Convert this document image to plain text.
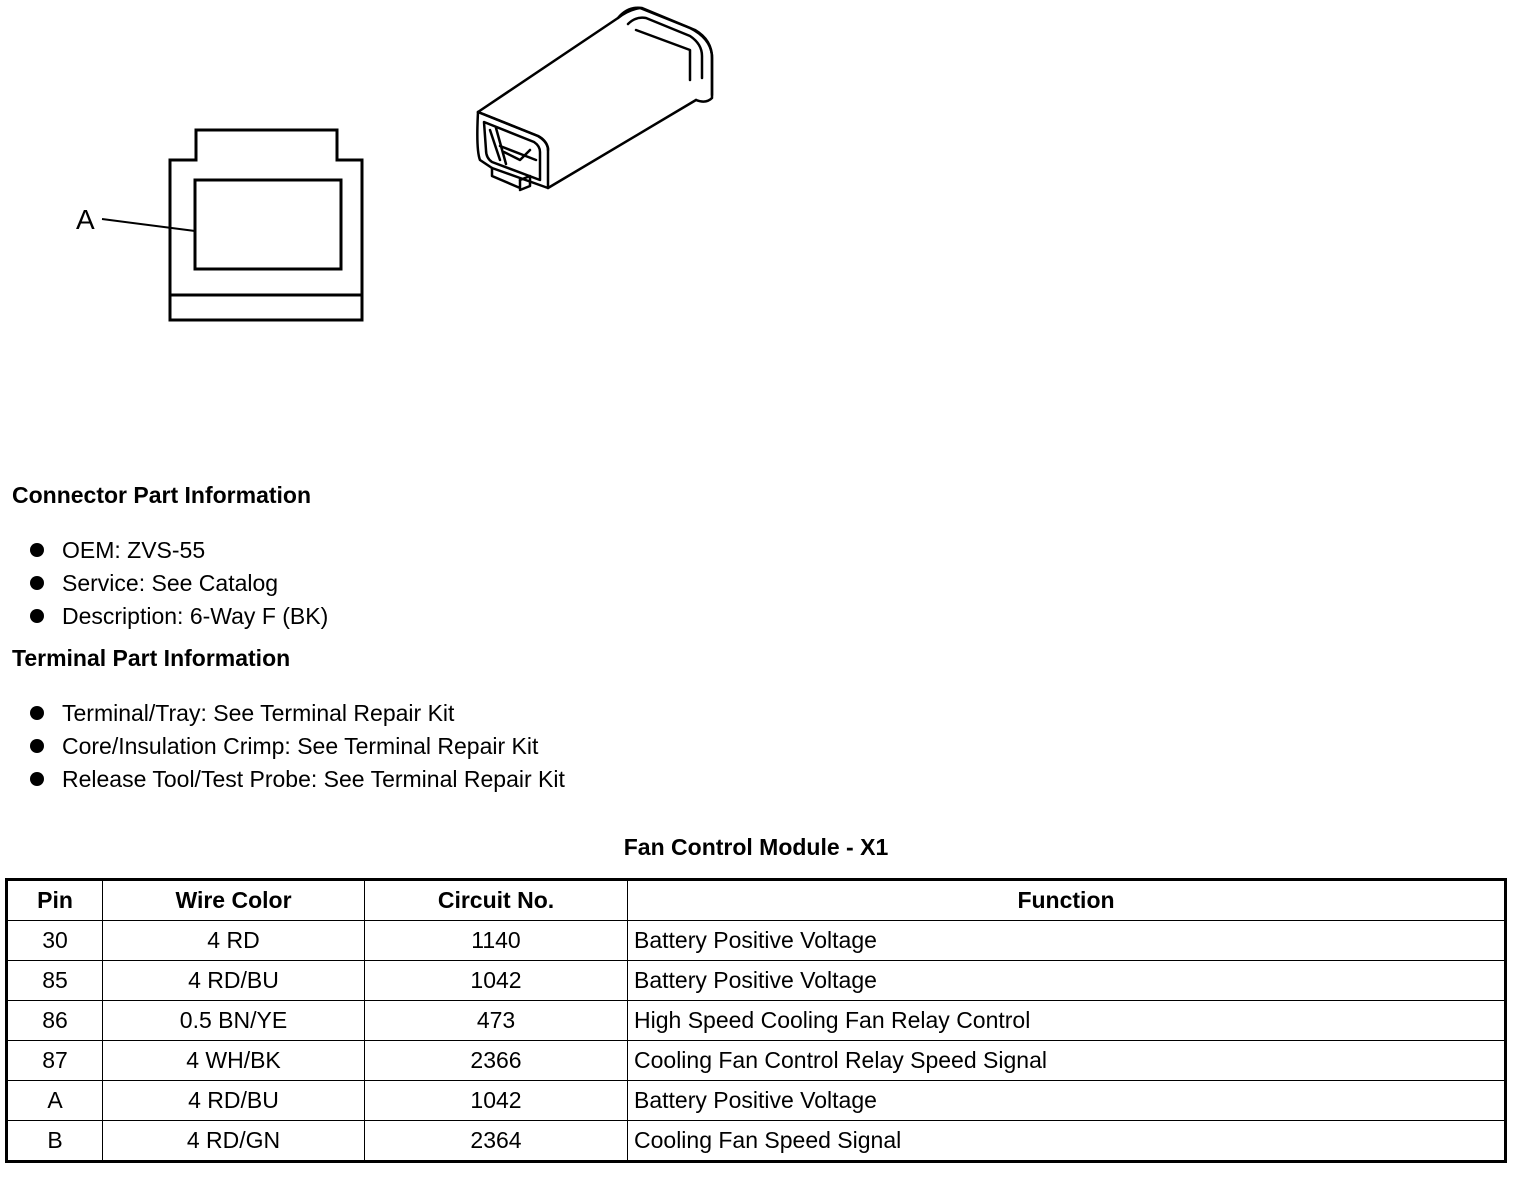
A
Connector Part Information
OEM: ZVS-55
Service: See Catalog
Description: 6-Way F (BK)
Terminal Part Information
Terminal/Tray: See Terminal Repair Kit
Core/Insulation Crimp: See Terminal Repair Kit
Release Tool/Test Probe: See Terminal Repair Kit
Fan Control Module - X1
Pin	Wire Color	Circuit No.	Function
30	4 RD	1140	Battery Positive Voltage
85	4 RD/BU	1042	Battery Positive Voltage
86	0.5 BN/YE	473	High Speed Cooling Fan Relay Control
87	4 WH/BK	2366	Cooling Fan Control Relay Speed Signal
A	4 RD/BU	1042	Battery Positive Voltage
B	4 RD/GN	2364	Cooling Fan Speed Signal
